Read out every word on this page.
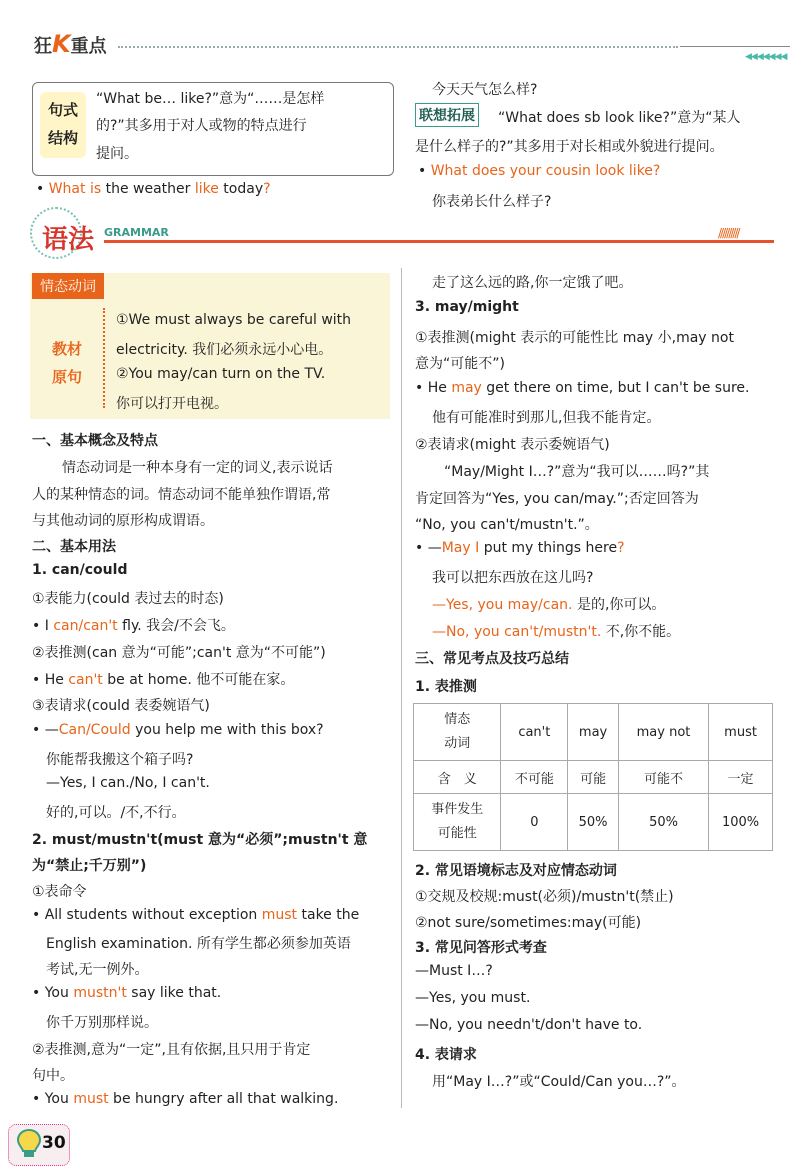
狂K重点	◀◀◀◀◀◀◀
句式
结构
“What be… like?”意为“……是怎样
的?”其多用于对人或物的特点进行
提问。
• What is the weather like today?
今天天气怎么样?
联想拓展 “What does sb look like?”意为“某人
是什么样子的?”其多用于对长相或外貌进行提问。
• What does your cousin look like?
你表弟长什么样子?
语法 GRAMMAR	//////////
情态动词
教材
原句
①We must always be careful with
electricity. 我们必须永远小心电。
②You may/can turn on the TV.
你可以打开电视。
一、基本概念及特点
情态动词是一种本身有一定的词义,表示说话
人的某种情态的词。情态动词不能单独作谓语,常
与其他动词的原形构成谓语。
二、基本用法
1. can/could
①表能力(could 表过去的时态)
• I can/can't fly. 我会/不会飞。
②表推测(can 意为“可能”;can't 意为“不可能”)
• He can't be at home. 他不可能在家。
③表请求(could 表委婉语气)
• —Can/Could you help me with this box?
你能帮我搬这个箱子吗?
—Yes, I can./No, I can't.
好的,可以。/不,不行。
2. must/mustn't(must 意为“必须”;mustn't 意
为“禁止;千万别”)
①表命令
• All students without exception must take the
English examination. 所有学生都必须参加英语
考试,无一例外。
• You mustn't say like that.
你千万别那样说。
②表推测,意为“一定”,且有依据,且只用于肯定
句中。
• You must be hungry after all that walking.
走了这么远的路,你一定饿了吧。
3. may/might
①表推测(might 表示的可能性比 may 小,may not
意为“可能不”)
• He may get there on time, but I can't be sure.
他有可能准时到那儿,但我不能肯定。
②表请求(might 表示委婉语气)
“May/Might I…?”意为“我可以……吗?”其
肯定回答为“Yes, you can/may.”;否定回答为
“No, you can't/mustn't.”。
• —May I put my things here?
我可以把东西放在这儿吗?
—Yes, you may/can. 是的,你可以。
—No, you can't/mustn't. 不,你不能。
三、常见考点及技巧总结
1. 表推测
情态
动词	can't	may	may not	must
含　义	不可能	可能	可能不	一定
事件发生
可能性	0	50%	50%	100%
2. 常见语境标志及对应情态动词
①交规及校规:must(必须)/mustn't(禁止)
②not sure/sometimes:may(可能)
3. 常见问答形式考查
—Must I…?
—Yes, you must.
—No, you needn't/don't have to.
4. 表请求
用“May I…?”或“Could/Can you…?”。
30
